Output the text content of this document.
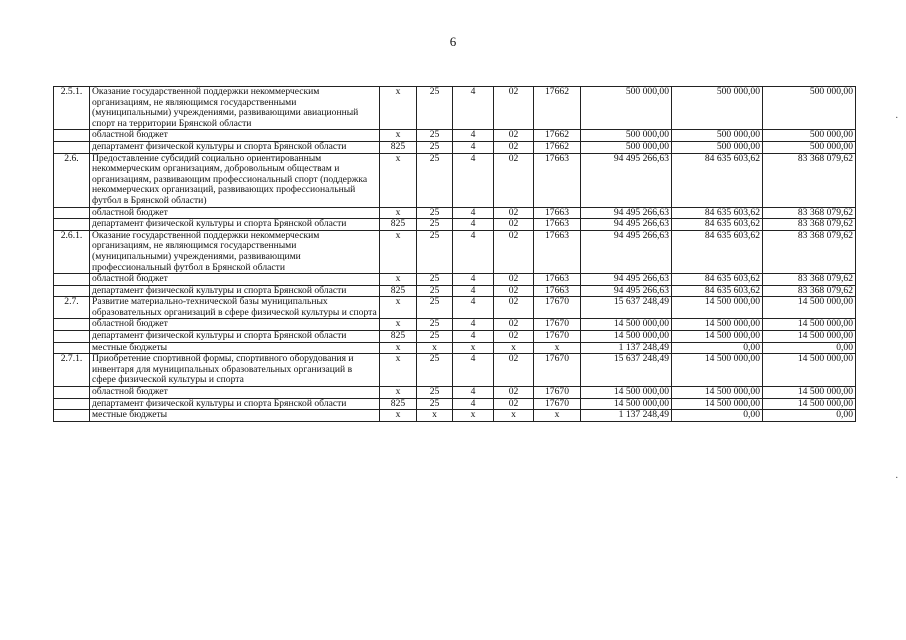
6
.
.
2.5.1.	Оказание государственной поддержки некоммерческим организациям, не являющимся государственными (муниципальными) учреждениями, развивающими авиационный спорт на территории Брянской области	x	25	4	02	17662	500 000,00	500 000,00	500 000,00
	областной бюджет	x	25	4	02	17662	500 000,00	500 000,00	500 000,00
	департамент физической культуры и спорта Брянской области	825	25	4	02	17662	500 000,00	500 000,00	500 000,00
2.6.	Предоставление субсидий социально ориентированным некоммерческим организациям, добровольным обществам и организациям, развивающим профессиональный спорт (поддержка некоммерческих организаций, развивающих профессиональный футбол в Брянской области)	x	25	4	02	17663	94 495 266,63	84 635 603,62	83 368 079,62
	областной бюджет	x	25	4	02	17663	94 495 266,63	84 635 603,62	83 368 079,62
	департамент физической культуры и спорта Брянской области	825	25	4	02	17663	94 495 266,63	84 635 603,62	83 368 079,62
2.6.1.	Оказание государственной поддержки некоммерческим организациям, не являющимся государственными (муниципальными) учреждениями, развивающими профессиональный футбол в Брянской области	x	25	4	02	17663	94 495 266,63	84 635 603,62	83 368 079,62
	областной бюджет	x	25	4	02	17663	94 495 266,63	84 635 603,62	83 368 079,62
	департамент физической культуры и спорта Брянской области	825	25	4	02	17663	94 495 266,63	84 635 603,62	83 368 079,62
2.7.	Развитие материально-технической базы муниципальных образовательных организаций в сфере физической культуры и спорта	x	25	4	02	17670	15 637 248,49	14 500 000,00	14 500 000,00
	областной бюджет	x	25	4	02	17670	14 500 000,00	14 500 000,00	14 500 000,00
	департамент физической культуры и спорта Брянской области	825	25	4	02	17670	14 500 000,00	14 500 000,00	14 500 000,00
	местные бюджеты	x	x	x	x	x	1 137 248,49	0,00	0,00
2.7.1.	Приобретение спортивной формы, спортивного оборудования и инвентаря для муниципальных образовательных организаций в сфере физической культуры и спорта	x	25	4	02	17670	15 637 248,49	14 500 000,00	14 500 000,00
	областной бюджет	x	25	4	02	17670	14 500 000,00	14 500 000,00	14 500 000,00
	департамент физической культуры и спорта Брянской области	825	25	4	02	17670	14 500 000,00	14 500 000,00	14 500 000,00
	местные бюджеты	x	x	x	x	x	1 137 248,49	0,00	0,00
